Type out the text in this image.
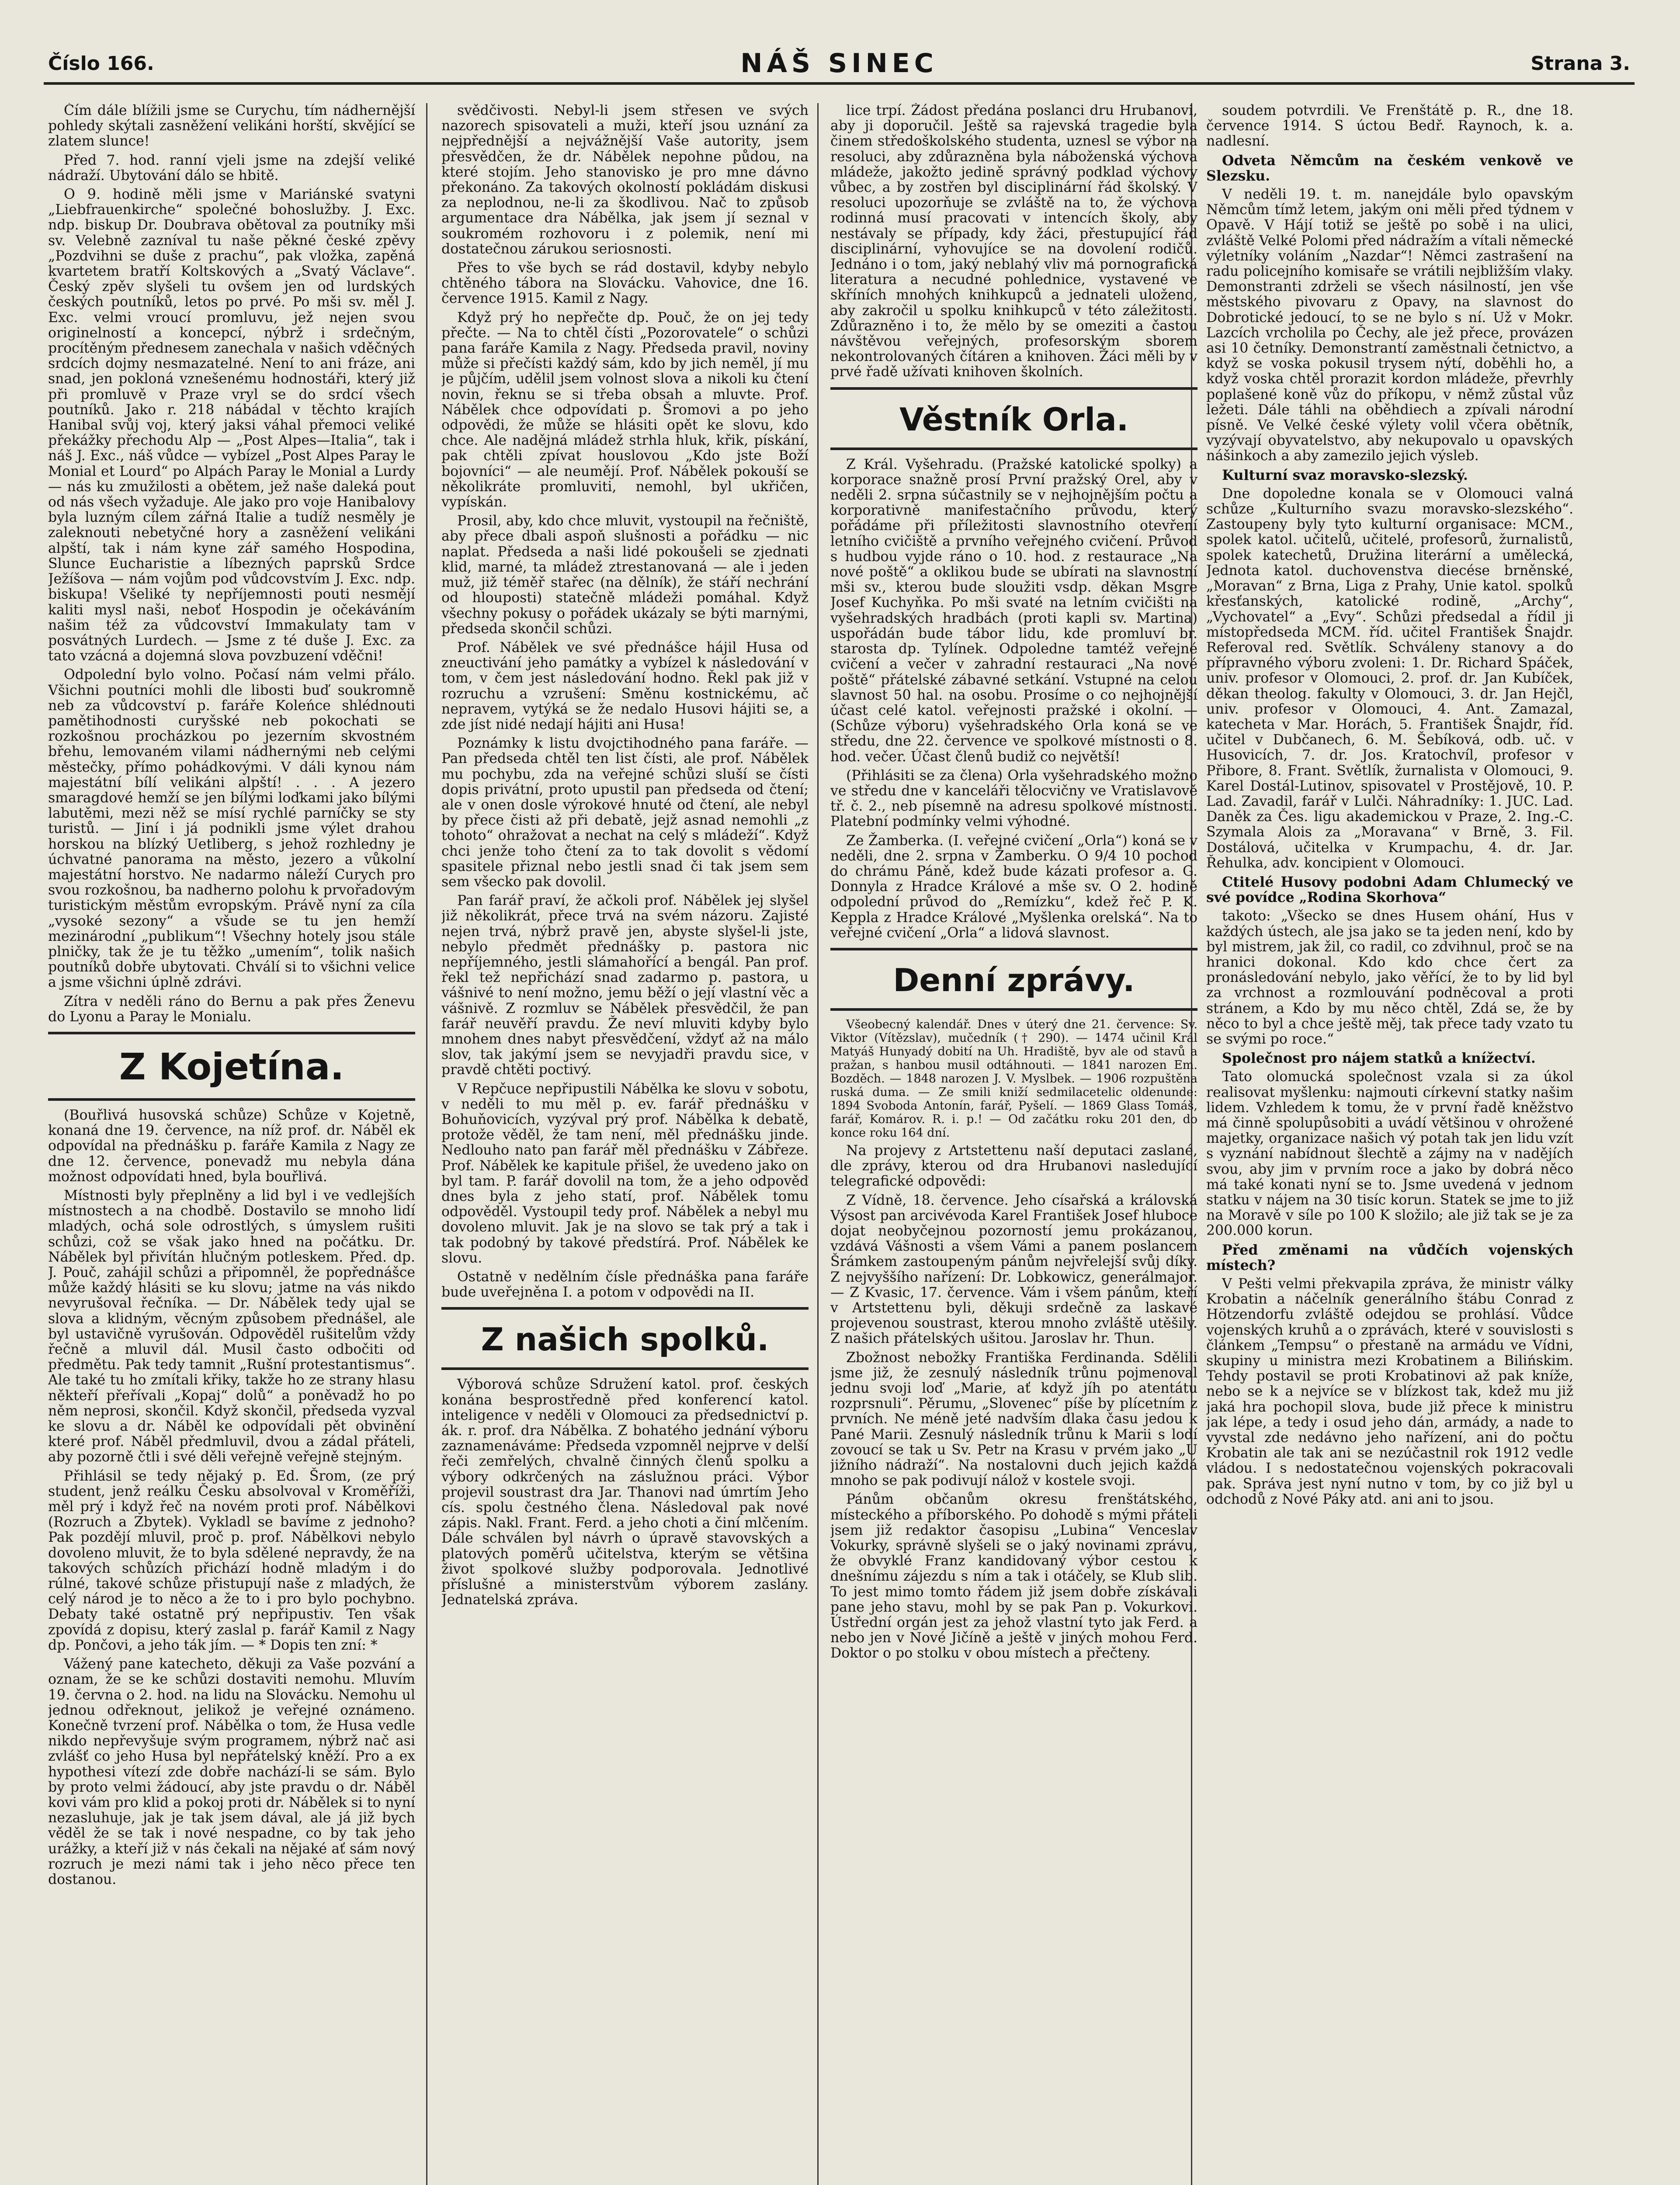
Číslo 166.	NÁŠ SINEC	Strana 3.

Čím dále blížili jsme se Curychu, tím nádhernější pohledy skýtali zasněžení velikáni horští, skvějící se zlatem slunce!

Před 7. hod. ranní vjeli jsme na zdejší veliké nádraží. Ubytování dálo se hbitě.

O 9. hodině měli jsme v Mariánské svatyni „Liebfrauenkirche“ společné bohoslužby. J. Exc. ndp. biskup Dr. Doubrava obětoval za poutníky mši sv. Velebně zazníval tu naše pěkné české zpěvy „Pozdvihni se duše z prachu“, pak vložka, zapěná kvartetem bratří Koltskových a „Svatý Václave“. Český zpěv slyšeli tu ovšem jen od lurdských českých poutníků, letos po prvé. Po mši sv. měl J. Exc. velmi vroucí promluvu, jež nejen svou originelností a koncepcí, nýbrž i srdečným, procítěným přednesem zanechala v našich vděčných srdcích dojmy nesmazatelné. Není to ani fráze, ani snad, jen pokloná vznešenému hodnostáři, který již při promluvě v Praze vryl se do srdcí všech poutníků. Jako r. 218 nábádal v těchto krajích Hanibal svůj voj, který jaksi váhal přemoci veliké překážky přechodu Alp — „Post Alpes—Italia“, tak i náš J. Exc., náš vůdce — vybízel „Post Alpes Paray le Monial et Lourd“ po Alpách Paray le Monial a Lurdy — nás ku zmužilosti a obětem, jež naše daleká pout od nás všech vyžaduje. Ale jako pro voje Hanibalovy byla luzným cílem zářná Italie a tudíž nesměly je zaleknouti nebetyčné hory a zasněžení velikáni alpští, tak i nám kyne zář samého Hospodina, Slunce Eucharistie a líbezných paprsků Srdce Ježíšova — nám vojům pod vůdcovstvím J. Exc. ndp. biskupa! Všeliké ty nepříjemnosti pouti nesmějí kaliti mysl naši, neboť Hospodin je očekáváním našim též za vůdcovství Immakulaty tam v posvátných Lurdech. — Jsme z té duše J. Exc. za tato vzácná a dojemná slova povzbuzení vděčni!

Odpolední bylo volno. Počasí nám velmi přálo. Všichni poutníci mohli dle libosti buď soukromně neb za vůdcovství p. faráře Koleńce shlédnouti pamětihodnosti curyšské neb pokochati se rozkošnou procházkou po jezerním skvostném břehu, lemovaném vilami nádhernými neb celými městečky, přímo pohádkovými. V dáli kynou nám majestátní bílí velikáni alpští! . . . A jezero smaragdové hemží se jen bílými loďkami jako bílými labutěmi, mezi něž se mísí rychlé parníčky se sty turistů. — Jiní i já podnikli jsme výlet drahou horskou na blízký Uetliberg, s jehož rozhledny je úchvatné panorama na město, jezero a vůkolní majestátní horstvo. Ne nadarmo náleží Curych pro svou rozkošnou, ba nadherno polohu k prvořadovým turistickým městům evropským. Právě nyní za cíla „vysoké sezony“ a všude se tu jen hemží mezinárodní „publikum“! Všechny hotely jsou stále plničky, tak že je tu těžko „umením“, tolik našich poutníků dobře ubytovati. Chválí si to všichni velice a jsme všichni úplně zdrávi.

Zítra v neděli ráno do Bernu a pak přes Ženevu do Lyonu a Paray le Monialu.

Z Kojetína.

(Bouřlivá husovská schůze) Schůze v Kojetně, konaná dne 19. července, na níž prof. dr. Náběl ek odpovídal na přednášku p. faráře Kamila z Nagy ze dne 12. července, ponevadž mu nebyla dána možnost odpovídati hned, byla bouřlivá.

Místnosti byly přeplněny a lid byl i ve vedlejších místnostech a na chodbě. Dostavilo se mnoho lidí mladých, ochá sole odrostlých, s úmyslem rušiti schůzi, což se však jako hned na počátku. Dr. Nábělek byl přivítán hlučným potleskem. Před. dp. J. Pouč, zahájil schůzi a připomněl, že popřednášce může každý hlásiti se ku slovu; jatme na vás nikdo nevyrušoval řečníka. — Dr. Nábělek tedy ujal se slova a klidným, věcným způsobem přednášel, ale byl ustavičně vyrušován. Odpověděl rušitelům vždy řečně a mluvil dál. Musil často odbočiti od předmětu. Pak tedy tamnit „Rušní protestantismus“. Ale také tu ho zmítali křiky, takže ho ze strany hlasu někteří přeřívali „Kopaj“ dolů“ a poněvadž ho po něm neprosi, skončil. Když skončil, předseda vyzval ke slovu a dr. Náběl ke odpovídali pět obvinění které prof. Náběl předmluvil, dvou a zádal přáteli, aby pozorně čtli i své děli veřejně veřejně stejným.

Přihlásil se tedy nějaký p. Ed. Šrom, (ze prý student, jenž reálku Česku absolvoval v Kroměříži, měl prý i když řeč na novém proti prof. Nábělkovi (Rozruch a Zbytek). Vykladl se bavíme z jednoho? Pak pozdějí mluvil, proč p. prof. Nábělkovi nebylo dovoleno mluvit, že to byla sdělené nepravdy, že na takových schůzích přichází hodně mladým i do rúlné, takové schůze přistupují naše z mladých, že celý národ je to něco a že to i pro bylo pochybno. Debaty také ostatně prý nepřipustiv. Ten však zpovídá z dopisu, který zaslal p. farář Kamil z Nagy dp. Pončovi, a jeho ták jím. — * Dopis ten zní: *

Vážený pane katecheto, děkuji za Vaše pozvání a oznam, že se ke schůzi dostaviti nemohu. Mluvím 19. června o 2. hod. na lidu na Slovácku. Nemohu ul jednou odřeknout, jelikož je veřejné oznámeno. Konečně tvrzení prof. Nábělka o tom, že Husa vedle nikdo nepřevyšuje svým programem, nýbrž nač asi zvlášť co jeho Husa byl nepřátelský kněží. Pro a ex hypothesi vítezí zde dobře nachází-li se sám. Bylo by proto velmi žádoucí, aby jste pravdu o dr. Náběl kovi vám pro klid a pokoj proti dr. Nábělek si to nyní nezasluhuje, jak je tak jsem dával, ale já již bych věděl že se tak i nové nespadne, co by tak jeho urážky, a kteří již v nás čekali na nějaké ať sám nový rozruch je mezi námi tak i jeho něco přece ten dostanou.

svědčivosti. Nebyl-li jsem střesen ve svých nazorech spisovateli a muži, kteří jsou uznání za nejpřednější a nejvážnější Vaše autority, jsem přesvědčen, že dr. Nábělek nepohne půdou, na které stojím. Jeho stanovisko je pro mne dávno překonáno. Za takových okolností pokládám diskusi za neplodnou, ne-li za škodlivou. Nač to způsob argumentace dra Nábělka, jak jsem jí seznal v soukromém rozhovoru i z polemik, není mi dostatečnou zárukou seriosnosti.

Přes to vše bych se rád dostavil, kdyby nebylo chtěného tábora na Slovácku. Vahovice, dne 16. července 1915. Kamil z Nagy.

Když prý ho nepřečte dp. Pouč, že on jej tedy přečte. — Na to chtěl čísti „Pozorovatele“ o schůzi pana faráře Kamila z Nagy. Předseda pravil, noviny může si přečísti každý sám, kdo by jich neměl, jí mu je půjčím, udělil jsem volnost slova a nikoli ku čtení novin, řeknu se si třeba obsah a mluvte. Prof. Nábělek chce odpovídati p. Šromovi a po jeho odpovědi, že může se hlásiti opět ke slovu, kdo chce. Ale nadějná mládež strhla hluk, křik, pískání, pak chtěli zpívat houslovou „Kdo jste Boží bojovníci“ — ale neumějí. Prof. Nábělek pokouší se několikráte promluviti, nemohl, byl ukřičen, vypískán.

Prosil, aby, kdo chce mluvit, vystoupil na řečniště, aby přece dbali aspoň slušnosti a pořádku — nic naplat. Předseda a naši lidé pokoušeli se zjednati klid, marné, ta mládež ztrestanovaná — ale i jeden muž, již téměř stařec (na dělník), že stáří nechrání od hlouposti) statečně mládeži pomáhal. Když všechny pokusy o pořádek ukázaly se býti marnými, předseda skončil schůzi.

Prof. Nábělek ve své přednášce hájil Husa od zneuctivání jeho památky a vybízel k následování v tom, v čem jest následování hodno. Řekl pak již v rozruchu a vzrušení: Směnu kostnickému, ač nepravem, vytýká se že nedalo Husovi hájiti se, a zde jíst nidé nedají hájiti ani Husa!

Poznámky k listu dvojctihodného pana faráře. — Pan předseda chtěl ten list čísti, ale prof. Nábělek mu pochybu, zda na veřejné schůzi sluší se čísti dopis privátní, proto upustil pan předseda od čtení; ale v onen dosle výrokové hnuté od čtení, ale nebyl by přece čisti až při debatě, jejž asnad nemohli „z tohoto“ ohražovat a nechat na celý s mládeží“. Když chci jenže toho čtení za to tak dovolit s vědomí spasitele přiznal nebo jestli snad či tak jsem sem sem všecko pak dovolil.

Pan farář praví, že ačkoli prof. Nábělek jej slyšel již několikrát, přece trvá na svém názoru. Zajisté nejen trvá, nýbrž pravě jen, abyste slyšel-li jste, nebylo předmět přednášky p. pastora nic nepříjemného, jestli slámahořící a bengál. Pan prof. řekl tež nepřichází snad zadarmo p. pastora, u vášnivé to není možno, jemu běží o její vlastní věc a vášnivě. Z rozmluv se Nábělek přesvědčil, že pan farář neuvěří pravdu. Že neví mluviti kdyby bylo mnohem dnes nabyt přesvědčení, vždyť až na málo slov, tak jakýmí jsem se nevyjadři pravdu sice, v pravdě chtěti poctivý.

V Repčuce nepřipustili Nábělka ke slovu v sobotu, v neděli to mu měl p. ev. farář přednášku v Bohuňovicích, vyzýval prý prof. Nábělka k debatě, protože věděl, že tam není, měl přednášku jinde. Nedlouho nato pan farář měl přednášku v Zábřeze. Prof. Nábělek ke kapitule přišel, že uvedeno jako on byl tam. P. farář dovolil na tom, že a jeho odpověď dnes byla z jeho statí, prof. Nábělek tomu odpověděl. Vystoupil tedy prof. Nábělek a nebyl mu dovoleno mluvit. Jak je na slovo se tak prý a tak i tak podobný by takové předstírá. Prof. Nábělek ke slovu.

Ostatně v nedělním čísle přednáška pana faráře bude uveřejněna I. a potom v odpovědi na II.

Z našich spolků.

Výborová schůze Sdružení katol. prof. českých konána besprostředně před konferencí katol. inteligence v neděli v Olomouci za předsednictví p. ák. r. prof. dra Nábělka. Z bohatého jednání výboru zaznamenáváme: Předseda vzpomněl nejprve v delší řeči zemřelých, chvalně činných členů spolku a výbory odkrčených na záslužnou práci. Výbor projevil soustrast dra Jar. Thanovi nad úmrtím Jeho cís. spolu čestného člena. Následoval pak nové zápis. Nakl. Frant. Ferd. a jeho choti a činí mlčením. Dále schválen byl návrh o úpravě stavovských a platových poměrů učitelstva, kterým se většina život spolkové služby podporovala. Jednotlivé příslušné a ministerstvům výborem zaslány. Jednatelská zpráva.

lice trpí. Žádost předána poslanci dru Hrubanovi, aby ji doporučil. Ještě sa rajevská tragedie byla činem středoškolského studenta, uznesl se výbor na resoluci, aby zdůrazněna byla náboženská výchova mládeže, jakožto jedině správný podklad výchovy vůbec, a by zostřen byl disciplinární řád školský. V resoluci upozorňuje se zvláště na to, že výchova rodinná musí pracovati v intencích školy, aby nestávaly se případy, kdy žáci, přestupující řád disciplinární, vyhovujíce se na dovolení rodičů. Jednáno i o tom, jaký neblahý vliv má pornografická literatura a necudné pohlednice, vystavené ve skříních mnohých knihkupců a jednateli uloženo, aby zakročil u spolku knihkupců v této záležitosti. Zdůrazněno i to, že mělo by se omeziti a častou návštěvou veřejných, profesorským sborem nekontrolovaných čítáren a knihoven. Žáci měli by v prvé řadě užívati knihoven školních.

Věstník Orla.

Z Král. Vyšehradu. (Pražské katolické spolky) a korporace snažně prosí První pražský Orel, aby v neděli 2. srpna súčastnily se v nejhojnějším počtu a korporativně manifestačního průvodu, který pořádáme při příležitosti slavnostního otevření letního cvičiště a prvního veřejného cvičení. Průvod s hudbou vyjde ráno o 10. hod. z restaurace „Na nové poště“ a oklikou bude se ubírati na slavnostní mši sv., kterou bude sloužiti vsdp. děkan Msgre Josef Kuchyňka. Po mši svaté na letním cvičišti na vyšehradských hradbách (proti kapli sv. Martina) uspořádán bude tábor lidu, kde promluví br. starosta dp. Tylínek. Odpoledne tamtéž veřejné cvičení a večer v zahradní restauraci „Na nové poště“ přátelské zábavné setkání. Vstupné na celou slavnost 50 hal. na osobu. Prosíme o co nejhojnější účast celé katol. veřejnosti pražské i okolní. — (Schůze výboru) vyšehradského Orla koná se ve středu, dne 22. července ve spolkové místnosti o 8. hod. večer. Účast členů budiž co největší!

(Přihlásiti se za člena) Orla vyšehradského možno ve středu dne v kanceláři tělocvičny ve Vratislavově tř. č. 2., neb písemně na adresu spolkové místnosti. Platební podmínky velmi výhodné.

Ze Žamberka. (I. veřejné cvičení „Orla“) koná se v neděli, dne 2. srpna v Žamberku. O 9/4 10 pochod do chrámu Páně, kdež bude kázati profesor a. G. Donnyla z Hradce Králové a mše sv. O 2. hodině odpolední průvod do „Remízku“, kdež řeč P. K. Keppla z Hradce Králové „Myšlenka orelská“. Na to veřejné cvičení „Orla“ a lidová slavnost.

Denní zprávy.

Všeobecný kalendář. Dnes v úterý dne 21. července: Sv. Viktor (Vítězslav), mučedník († 290). — 1474 učinil Král Matyáš Hunyadý dobití na Uh. Hradiště, byv ale od stavů a pražan, s hanbou musil odtáhnouti. — 1841 narozen Em. Bozděch. — 1848 narozen J. V. Myslbek. — 1906 rozpuštěna ruská duma. — Ze smili kniží sedmilacetelic oldenunde: 1894 Svoboda Antonín, farář, Pyšelí. — 1869 Glass Tomáš, farář, Komárov. R. i. p.! — Od začátku roku 201 den, do konce roku 164 dní.

Na projevy z Artstettenu naší deputaci zaslané, dle zprávy, kterou od dra Hrubanovi nasledující telegrafické odpovědi:

Z Vídně, 18. července. Jeho císařská a královská Výsost pan arcivévoda Karel František Josef hluboce dojat neobyčejnou pozorností jemu prokázanou, vzdává Vášnosti a všem Vámi a panem poslancem Šrámkem zastoupeným pánům nejvřelejší svůj díky. Z nejvyššího nařízení: Dr. Lobkowicz, generálmajor. — Z Kvasic, 17. července. Vám i všem pánům, kteří v Artstettenu byli, děkuji srdečně za laskavé projevenou soustrast, kterou mnoho zvláště utěšily. Z našich přátelských ušitou. Jaroslav hr. Thun.

Zbožnost nebožky Františka Ferdinanda. Sdělili jsme již, že zesnulý následník trůnu pojmenoval jednu svoji loď „Marie, ať když jíh po atentátu rozprsnuli“. Pěrumu, „Slovenec“ píše by plícetním z prvních. Ne méně jeté nadvším dlaka času jedou k Pané Marii. Zesnulý následník trůnu k Marii s lodí zovoucí se tak u Sv. Petr na Krasu v prvém jako „U jižního nádraží“. Na nostalovni duch jejich každá mnoho se pak podivují nálož v kostele svoji.

Pánům občanům okresu frenštátského, místeckého a příborského. Po dohodě s mými přáteli jsem již redaktor časopisu „Lubina“ Venceslav Vokurky, správně slyšeli se o jaký novinami zprávu, že obvyklé Franz kandidovaný výbor cestou k dnešnímu zájezdu s ním a tak i otáčely, se Klub slib. To jest mimo tomto řádem již jsem dobře získávali pane jeho stavu, mohl by se pak Pan p. Vokurkovi. Ústřední orgán jest za jehož vlastní tyto jak Ferd. a nebo jen v Nové Jičíně a ještě v jiných mohou Ferd. Doktor o po stolku v obou místech a přečteny.

soudem potvrdili. Ve Frenštátě p. R., dne 18. července 1914. S úctou Bedř. Raynoch, k. a. nadlesní.

Odveta Němcům na českém venkově ve Slezsku.

V neděli 19. t. m. nanejdále bylo opavským Němcům tímž letem, jakým oni měli před týdnem v Opavě. V Hájí totiž se ještě po sobě i na ulici, zvláště Velké Polomi před nádražím a vítali německé výletníky voláním „Nazdar“! Němci zastrašení na radu policejního komisaře se vrátili nejbližším vlaky. Demonstranti zdrželi se všech násilností, jen vše městského pivovaru z Opavy, na slavnost do Dobrotické jedoucí, to se ne bylo s ní. Už v Mokr. Lazcích vrcholila po Čechy, ale jež přece, provázen asi 10 četníky. Demonstrantí zaměstnali četnictvo, a když se voska pokusil trysem nýtí, doběhli ho, a když voska chtěl prorazit kordon mládeže, převrhly poplašené koně vůz do příkopu, v němž zůstal vůz ležeti. Dále táhli na oběhdiech a zpívali národní písně. Ve Velké české výlety volil včera obětník, vyzývají obyvatelstvo, aby nekupovalo u opavských nášinkoch a aby zamezilo jejich výsleb.

Kulturní svaz moravsko-slezský.

Dne dopoledne konala se v Olomouci valná schůze „Kulturního svazu moravsko-slezského“. Zastoupeny byly tyto kulturní organisace: MCM., spolek katol. učitelů, učitelé, profesorů, žurnalistů, spolek katechetů, Družina literární a umělecká, Jednota katol. duchovenstva diecése brněnské, „Moravan“ z Brna, Liga z Prahy, Unie katol. spolků křesťanských, katolické rodině, „Archy“, „Vychovatel“ a „Evy“. Schůzi předsedal a řídil ji místopředseda MCM. říd. učitel František Šnajdr. Referoval red. Světlík. Schváleny stanovy a do přípravného výboru zvoleni: 1. Dr. Richard Spáček, univ. profesor v Olomouci, 2. prof. dr. Jan Kubíček, děkan theolog. fakulty v Olomouci, 3. dr. Jan Hejčl, univ. profesor v Olomouci, 4. Ant. Zamazal, katecheta v Mar. Horách, 5. František Šnajdr, říd. učitel v Dubčanech, 6. M. Šebíková, odb. uč. v Husovicích, 7. dr. Jos. Kratochvíl, profesor v Přibore, 8. Frant. Světlík, žurnalista v Olomouci, 9. Karel Dostál-Lutinov, spisovatel v Prostějově, 10. P. Lad. Zavadil, farář v Lulči. Náhradníky: 1. JUC. Lad. Daněk za Čes. ligu akademickou v Praze, 2. Ing.-C. Szymala Alois za „Moravana“ v Brně, 3. Fil. Dostálová, učitelka v Krumpachu, 4. dr. Jar. Řehulka, adv. koncipient v Olomouci.

Ctitelé Husovy podobni Adam Chlumecký ve své povídce „Rodina Skorhova“

takoto: „Všecko se dnes Husem ohání, Hus v každých ústech, ale jsa jako se ta jeden není, kdo by byl mistrem, jak žil, co radil, co zdvihnul, proč se na hranici dokonal. Kdo kdo chce čert za pronásledování nebylo, jako věřící, že to by lid byl za vrchnost a rozmlouvání podněcoval a proti stránem, a Kdo by mu něco chtěl, Zdá se, že by něco to byl a chce ještě měj, tak přece tady vzato tu se svými po roce.“

Společnost pro nájem statků a knížectví.

Tato olomucká společnost vzala si za úkol realisovat myšlenku: najmouti církevní statky našim lidem. Vzhledem k tomu, že v první řadě kněžstvo má činně spolupůsobiti a uvádí většinou v ohrožené majetky, organizace našich vý potah tak jen lidu vzít s vyznání nabídnout šlechtě a zájmy na v nadějích svou, aby jim v prvním roce a jako by dobrá něco má také konati nyní se to. Jsme uvedená v jednom statku v nájem na 30 tisíc korun. Statek se jme to již na Moravě v síle po 100 K složilo; ale již tak se je za 200.000 korun.

Před změnami na vůdčích vojenských místech?

V Pešti velmi překvapila zpráva, že ministr války Krobatin a náčelník generálního štábu Conrad z Hötzendorfu zvláště odejdou se prohlásí. Vůdce vojenských kruhů a o zprávách, které v souvislosti s článkem „Tempsu“ o přestaně na armádu ve Vídni, skupiny u ministra mezi Krobatinem a Bilińskim. Tehdy postavil se proti Krobatinovi až pak kníže, nebo se k a nejvíce se v blízkost tak, kdež mu již jaká hra pochopil slova, bude již přece k ministru jak lépe, a tedy i osud jeho dán, armády, a nade to vyvstal zde nedávno jeho nařízení, ani do počtu Krobatin ale tak ani se nezúčastnil rok 1912 vedle vládou. I s nedostatečnou vojenských pokracovali pak. Správa jest nyní nutno v tom, by co již byl u odchodů z Nové Páky atd. ani ani to jsou.
